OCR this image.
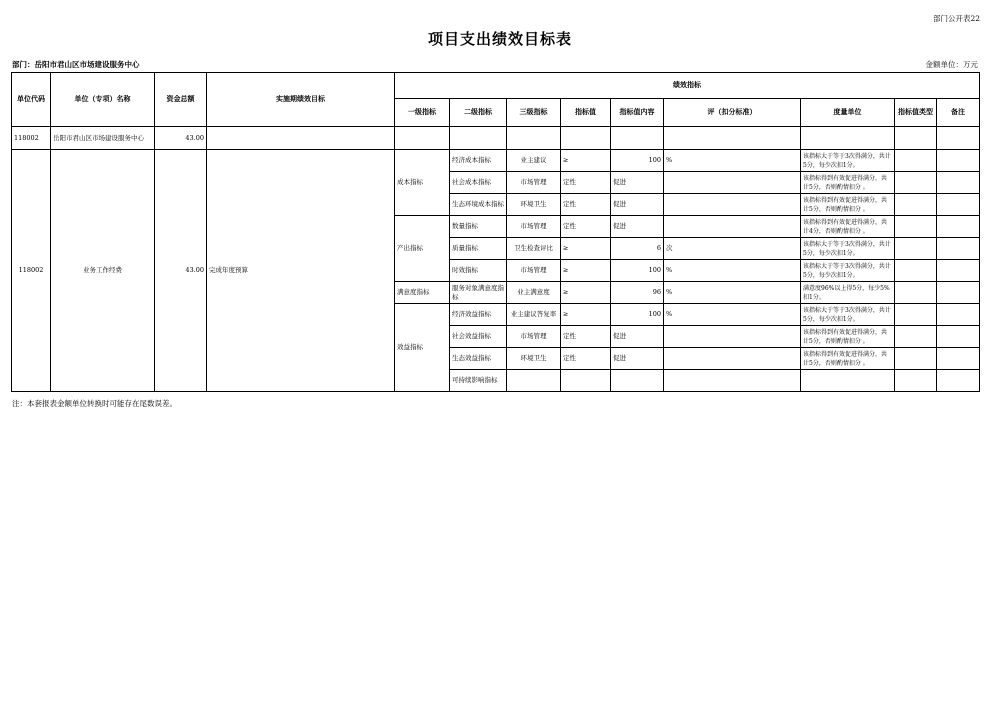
部门公开表22
项目支出绩效目标表
部门：岳阳市君山区市场建设服务中心	金额单位：万元
单位代码	单位（专项）名称	资金总额	实施期绩效目标	绩效指标								
				一级指标	二级指标	三级指标	指标值	指标值内容	评（扣分标准）	度量单位	指标值类型	备注
118002	岳阳市君山区市场建设服务中心	43.00										
118002	业务工作经费	43.00	完成年度预算	成本指标	经济成本指标	业主建议	≥	100	%	该指标大于等于3次得满分，共计5分，每少次扣1分。		
					社会成本指标	市场管理	定性	促进		该指标得到有效促进得满分，共计5分，否则酌情扣分 。		
					生态环境成本指标	环境卫生	定性	促进		该指标得到有效促进得满分，共计5分，否则酌情扣分 。		
				产出指标	数量指标	市场管理	定性	促进		该指标得到有效促进得满分，共计4分，否则酌情扣分 。		
					质量指标	卫生检查评比	≥	6	次	该指标大于等于3次得满分，共计5分，每少次扣1分。		
					时效指标	市场管理	≥	100	%	该指标大于等于3次得满分，共计5分，每少次扣1分。		
				满意度指标	服务对象满意度指标	业主满意度	≥	96	%	满意度96%以上得5分，每少5%扣1分。		
				效益指标	经济效益指标	业主建议答复率	≥	100	%	该指标大于等于3次得满分，共计5分，每少次扣1分。		
					社会效益指标	市场管理	定性	促进		该指标得到有效促进得满分，共计5分，否则酌情扣分 。		
					生态效益指标	环境卫生	定性	促进		该指标得到有效促进得满分，共计5分，否则酌情扣分 。		
					可持续影响指标							
注：本套报表金额单位转换时可能存在尾数误差。
